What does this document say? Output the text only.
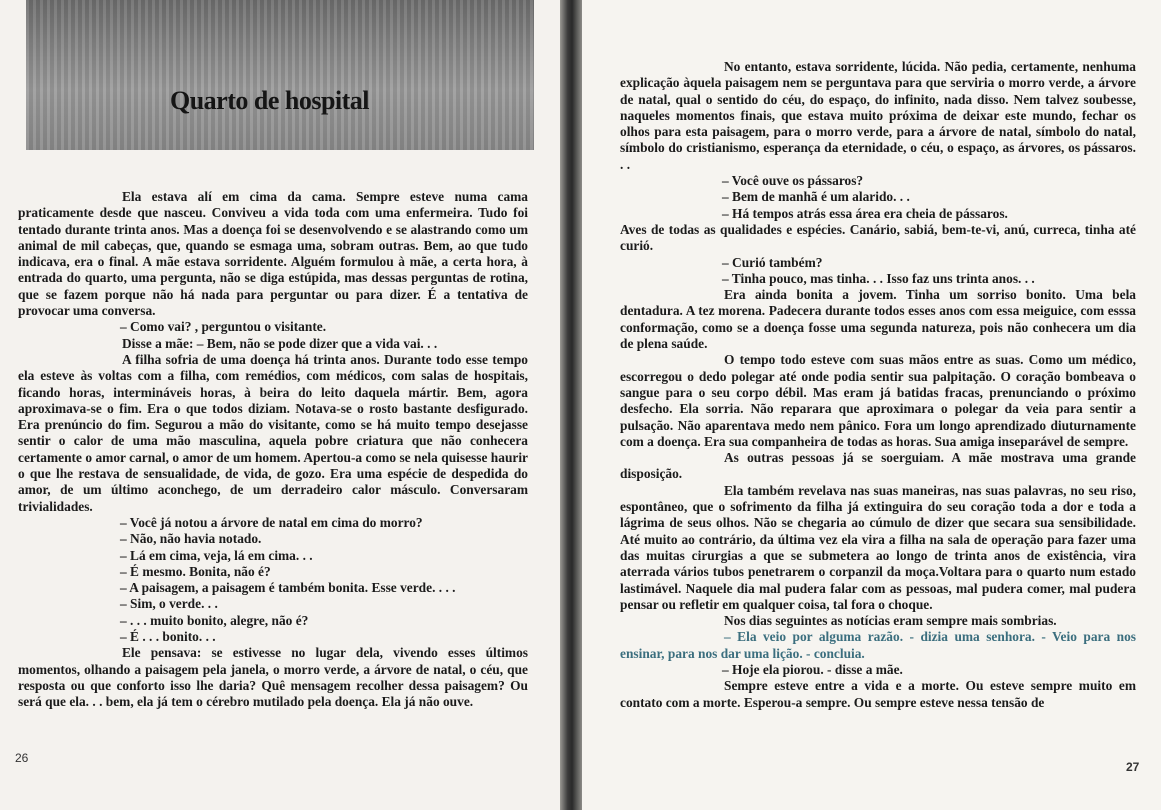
Quarto de hospital

Ela estava alí em cima da cama. Sempre esteve numa cama praticamente desde que nasceu. Conviveu a vida toda com uma enfermeira. Tudo foi tentado durante trinta anos. Mas a doença foi se desenvolvendo e se alastrando como um animal de mil cabeças, que, quando se esmaga uma, sobram outras. Bem, ao que tudo indicava, era o final. A mãe estava sorridente. Alguém formulou à mãe, a certa hora, à entrada do quarto, uma pergunta, não se diga estúpida, mas dessas perguntas de rotina, que se fazem porque não há nada para perguntar ou para dizer. É a tentativa de provocar uma conversa.

– Como vai? , perguntou o visitante.

Disse a mãe: – Bem, não se pode dizer que a vida vai. . .

A filha sofria de uma doença há trinta anos. Durante todo esse tempo ela esteve às voltas com a filha, com remédios, com médicos, com salas de hospitais, ficando horas, intermináveis horas, à beira do leito daquela mártir. Bem, agora aproximava-se o fim. Era o que todos diziam. Notava-se o rosto bastante desfigurado. Era prenúncio do fim. Segurou a mão do visitante, como se há muito tempo desejasse sentir o calor de uma mão masculina, aquela pobre criatura que não conhecera certamente o amor carnal, o amor de um homem. Apertou-a como se nela quisesse haurir o que lhe restava de sensualidade, de vida, de gozo. Era uma espécie de despedida do amor, de um último aconchego, de um derradeiro calor másculo. Conversaram trivialidades.

– Você já notou a árvore de natal em cima do morro?

– Não, não havia notado.

– Lá em cima, veja, lá em cima. . .

– É mesmo. Bonita, não é?

– A paisagem, a paisagem é também bonita. Esse verde. . . .

– Sim, o verde. . .

– . . . muito bonito, alegre, não é?

– É . . . bonito. . .

Ele pensava: se estivesse no lugar dela, vivendo esses últimos momentos, olhando a paisagem pela janela, o morro verde, a árvore de natal, o céu, que resposta ou que conforto isso lhe daria? Quê mensagem recolher dessa paisagem? Ou será que ela. . . bem, ela já tem o cérebro mutilado pela doença. Ela já não ouve.

26

No entanto, estava sorridente, lúcida. Não pedia, certamente, nenhuma explicação àquela paisagem nem se perguntava para que serviria o morro verde, a árvore de natal, qual o sentido do céu, do espaço, do infinito, nada disso. Nem talvez soubesse, naqueles momentos finais, que estava muito próxima de deixar este mundo, fechar os olhos para esta paisagem, para o morro verde, para a árvore de natal, símbolo do natal, símbolo do cristianismo, esperança da eternidade, o céu, o espaço, as árvores, os pássaros. . .

– Você ouve os pássaros?

– Bem de manhã é um alarido. . .

– Há tempos atrás essa área era cheia de pássaros.

Aves de todas as qualidades e espécies. Canário, sabiá, bem-te-vi, anú, curreca, tinha até curió.

– Curió também?

– Tinha pouco, mas tinha. . . Isso faz uns trinta anos. . .

Era ainda bonita a jovem. Tinha um sorriso bonito. Uma bela dentadura. A tez morena. Padecera durante todos esses anos com essa meiguice, com esssa conformação, como se a doença fosse uma segunda natureza, pois não conhecera um dia de plena saúde.

O tempo todo esteve com suas mãos entre as suas. Como um médico, escorregou o dedo polegar até onde podia sentir sua palpitação. O coração bombeava o sangue para o seu corpo débil. Mas eram já batidas fracas, prenunciando o próximo desfecho. Ela sorria. Não reparara que aproximara o polegar da veia para sentir a pulsação. Não aparentava medo nem pânico. Fora um longo aprendizado diuturnamente com a doença. Era sua companheira de todas as horas. Sua amiga inseparável de sempre.

As outras pessoas já se soerguiam. A mãe mostrava uma grande disposição.

Ela também revelava nas suas maneiras, nas suas palavras, no seu riso, espontâneo, que o sofrimento da filha já extinguira do seu coração toda a dor e toda a lágrima de seus olhos. Não se chegaria ao cúmulo de dizer que secara sua sensibilidade. Até muito ao contrário, da última vez ela vira a filha na sala de operação para fazer uma das muitas cirurgias a que se submetera ao longo de trinta anos de existência, vira aterrada vários tubos penetrarem o corpanzil da moça.Voltara para o quarto num estado lastimável. Naquele dia mal pudera falar com as pessoas, mal pudera comer, mal pudera pensar ou refletir em qualquer coisa, tal fora o choque.

Nos dias seguintes as notícias eram sempre mais sombrias.

– Ela veio por alguma razão. - dizia uma senhora. - Veio para nos ensinar, para nos dar uma lição. - concluia.

– Hoje ela piorou. - disse a mãe.

Sempre esteve entre a vida e a morte. Ou esteve sempre muito em contato com a morte. Esperou-a sempre. Ou sempre esteve nessa tensão de

27
